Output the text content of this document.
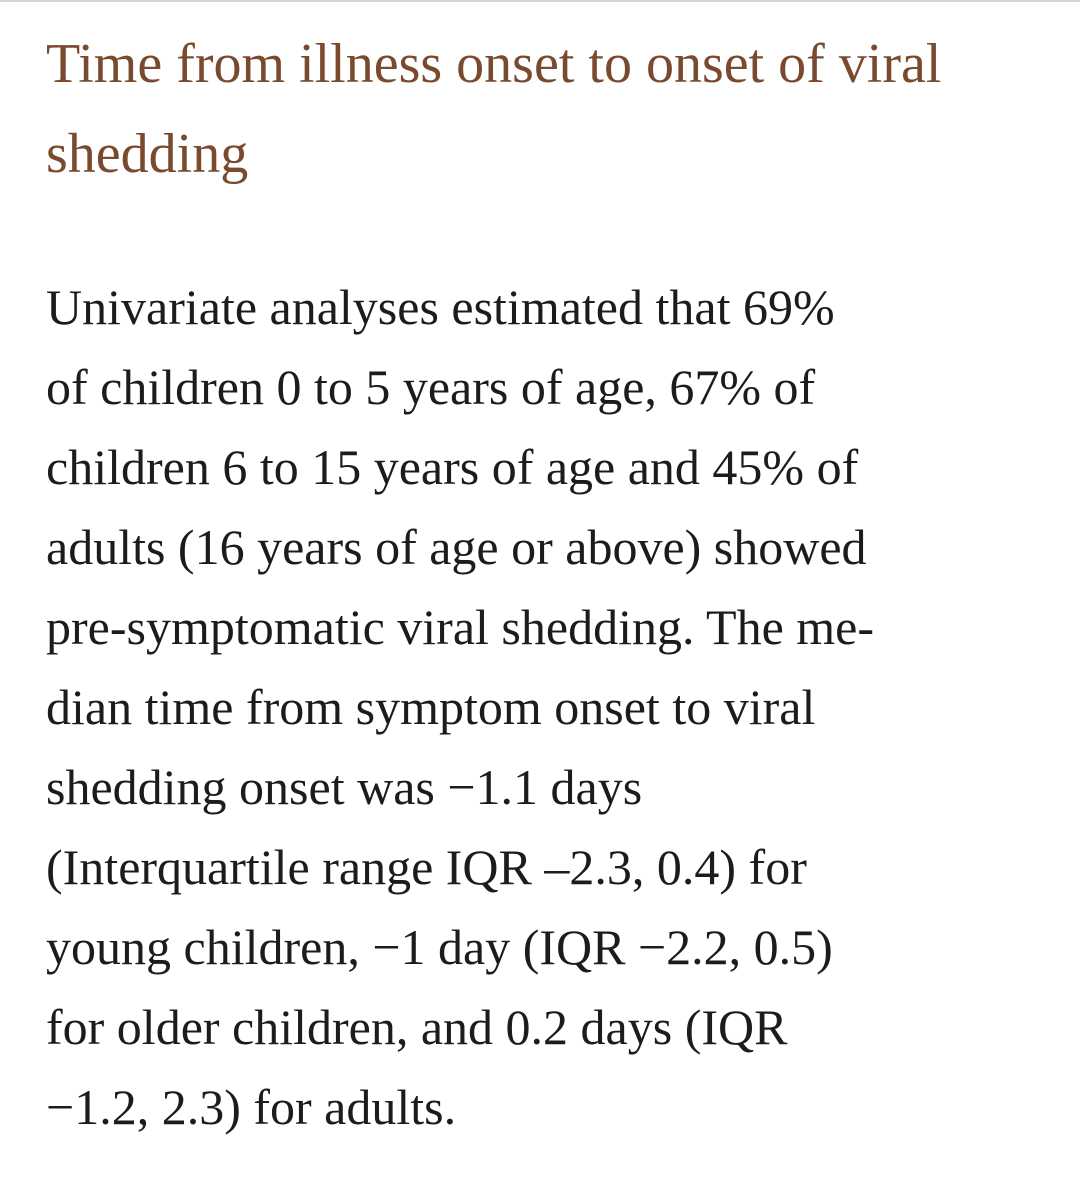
Time from illness onset to onset of viral
shedding

Univariate analyses estimated that 69%
of children 0 to 5 years of age, 67% of
children 6 to 15 years of age and 45% of
adults (16 years of age or above) showed
pre-symptomatic viral shedding. The me-
dian time from symptom onset to viral
shedding onset was −1.1 days
(Interquartile range IQR –2.3, 0.4) for
young children, −1 day (IQR −2.2, 0.5)
for older children, and 0.2 days (IQR
−1.2, 2.3) for adults.
